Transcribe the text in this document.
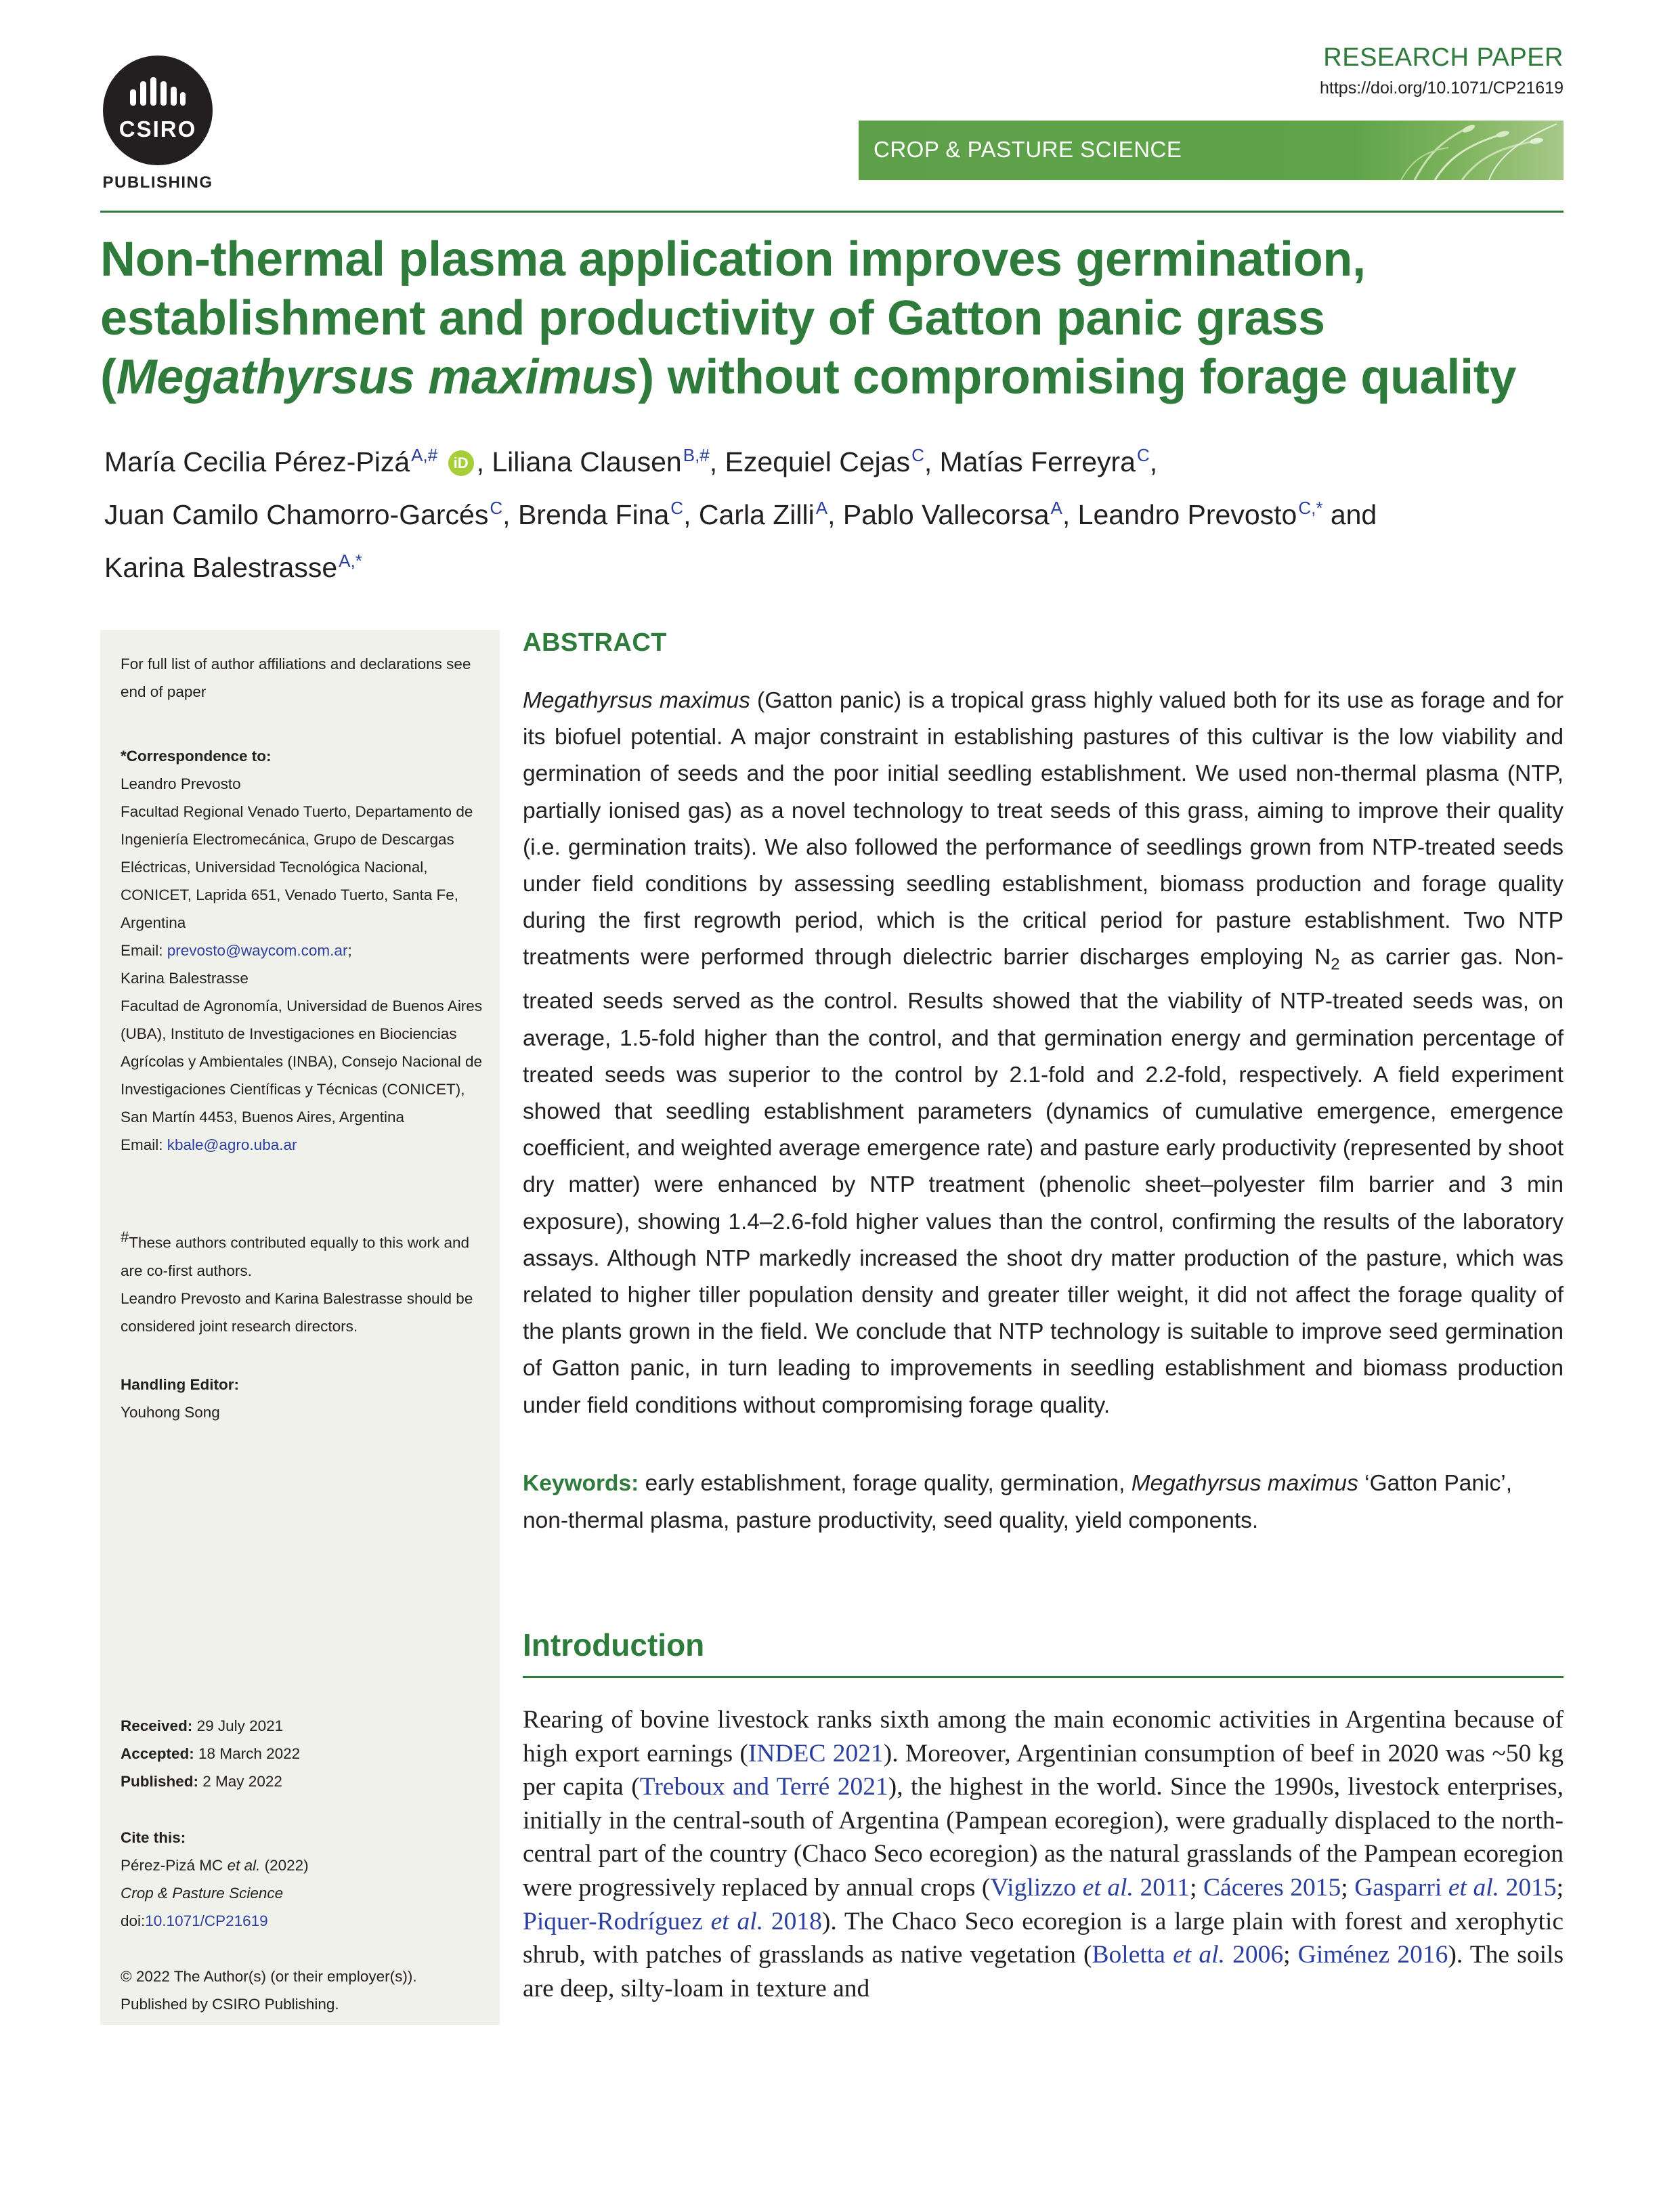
CSIRO
PUBLISHING
RESEARCH PAPER
https://doi.org/10.1071/CP21619
CROP & PASTURE SCIENCE
Non-thermal plasma application improves germination,
establishment and productivity of Gatton panic grass
(Megathyrsus maximus) without compromising forage quality
María Cecilia Pérez-Pizá$^{A,\#}$ iD , Liliana Clausen$^{B,\#}$, Ezequiel Cejas$^C$, Matías Ferreyra$^C$,
Juan Camilo Chamorro-Garcés$^C$, Brenda Fina$^C$, Carla Zilli$^A$, Pablo Vallecorsa$^A$, Leandro Prevosto$^{C,*}$ and
Karina Balestrasse$^{A,*}$
For full list of author affiliations and declarations see end of paper
*Correspondence to:
Leandro Prevosto
Facultad Regional Venado Tuerto, Departamento de Ingeniería Electromecánica, Grupo de Descargas Eléctricas, Universidad Tecnológica Nacional, CONICET, Laprida 651, Venado Tuerto, Santa Fe, Argentina
Email: prevosto@waycom.com.ar;
Karina Balestrasse
Facultad de Agronomía, Universidad de Buenos Aires (UBA), Instituto de Investigaciones en Biociencias Agrícolas y Ambientales (INBA), Consejo Nacional de Investigaciones Científicas y Técnicas (CONICET), San Martín 4453, Buenos Aires, Argentina
Email: kbale@agro.uba.ar
#These authors contributed equally to this work and are co-first authors.
Leandro Prevosto and Karina Balestrasse should be considered joint research directors.
Handling Editor:
Youhong Song
Received: 29 July 2021
Accepted: 18 March 2022
Published: 2 May 2022
Cite this:
Pérez-Pizá MC et al. (2022)
Crop & Pasture Science
doi:10.1071/CP21619
© 2022 The Author(s) (or their employer(s)). Published by CSIRO Publishing.
ABSTRACT
Megathyrsus maximus (Gatton panic) is a tropical grass highly valued both for its use as forage and for its biofuel potential. A major constraint in establishing pastures of this cultivar is the low viability and germination of seeds and the poor initial seedling establishment. We used non-thermal plasma (NTP, partially ionised gas) as a novel technology to treat seeds of this grass, aiming to improve their quality (i.e. germination traits). We also followed the performance of seedlings grown from NTP-treated seeds under field conditions by assessing seedling establishment, biomass production and forage quality during the first regrowth period, which is the critical period for pasture establishment. Two NTP treatments were performed through dielectric barrier discharges employing $N_2$ as carrier gas. Non-treated seeds served as the control. Results showed that the viability of NTP-treated seeds was, on average, 1.5-fold higher than the control, and that germination energy and germination percentage of treated seeds was superior to the control by 2.1-fold and 2.2-fold, respectively. A field experiment showed that seedling establishment parameters (dynamics of cumulative emergence, emergence coefficient, and weighted average emergence rate) and pasture early productivity (represented by shoot dry matter) were enhanced by NTP treatment (phenolic sheet–polyester film barrier and 3 min exposure), showing 1.4–2.6-fold higher values than the control, confirming the results of the laboratory assays. Although NTP markedly increased the shoot dry matter production of the pasture, which was related to higher tiller population density and greater tiller weight, it did not affect the forage quality of the plants grown in the field. We conclude that NTP technology is suitable to improve seed germination of Gatton panic, in turn leading to improvements in seedling establishment and biomass production under field conditions without compromising forage quality.
Keywords: early establishment, forage quality, germination, Megathyrsus maximus ‘Gatton Panic’, non-thermal plasma, pasture productivity, seed quality, yield components.
Introduction
Rearing of bovine livestock ranks sixth among the main economic activities in Argentina because of high export earnings (INDEC 2021). Moreover, Argentinian consumption of beef in 2020 was ~50 kg per capita (Treboux and Terré 2021), the highest in the world. Since the 1990s, livestock enterprises, initially in the central-south of Argentina (Pampean ecoregion), were gradually displaced to the north-central part of the country (Chaco Seco ecoregion) as the natural grasslands of the Pampean ecoregion were progressively replaced by annual crops (Viglizzo et al. 2011; Cáceres 2015; Gasparri et al. 2015; Piquer-Rodríguez et al. 2018). The Chaco Seco ecoregion is a large plain with forest and xerophytic shrub, with patches of grasslands as native vegetation (Boletta et al. 2006; Giménez 2016). The soils are deep, silty-loam in texture and
